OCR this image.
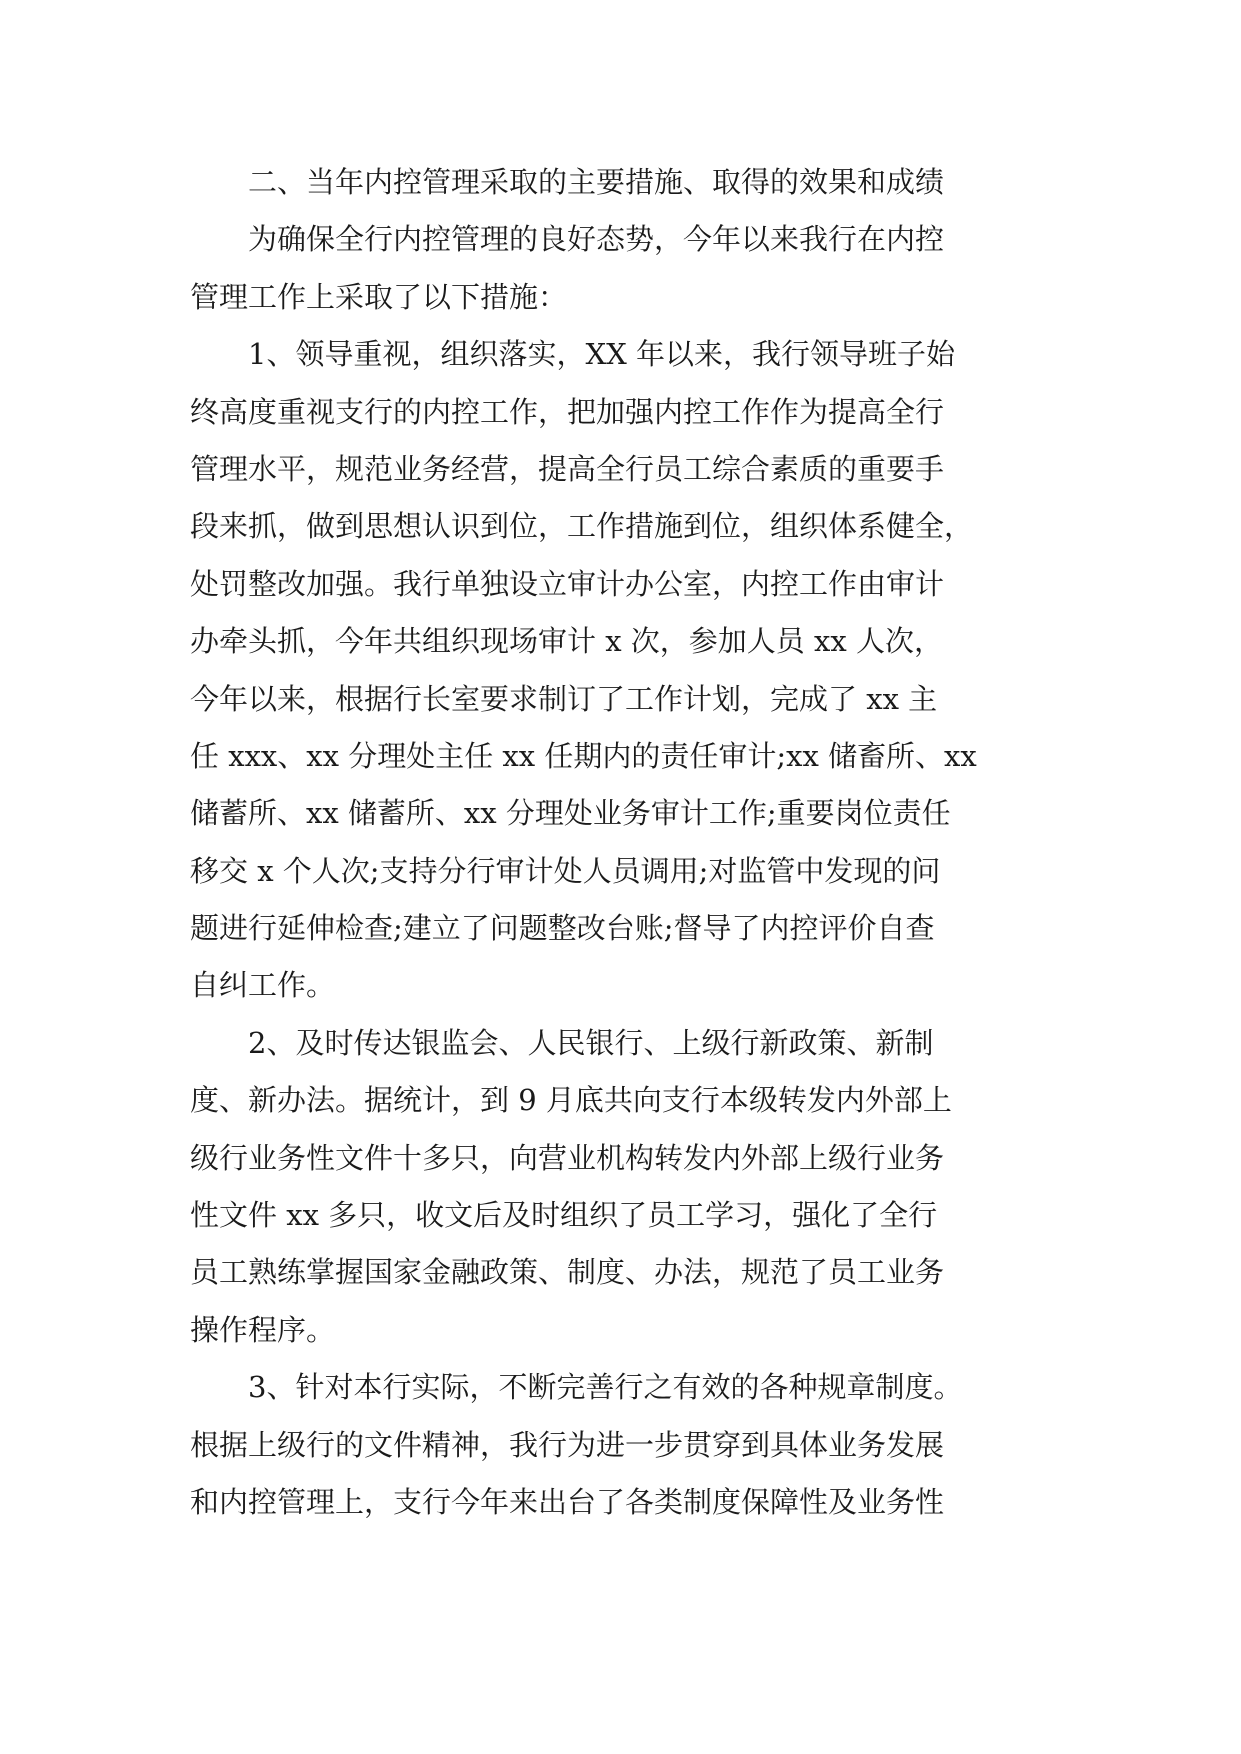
二、当年内控管理采取的主要措施、取得的效果和成绩
为确保全行内控管理的良好态势，今年以来我行在内控
管理工作上采取了以下措施：
1、领导重视，组织落实，XX 年以来，我行领导班子始
终高度重视支行的内控工作，把加强内控工作作为提高全行
管理水平，规范业务经营，提高全行员工综合素质的重要手
段来抓，做到思想认识到位，工作措施到位，组织体系健全，
处罚整改加强。我行单独设立审计办公室，内控工作由审计
办牵头抓，今年共组织现场审计 x 次，参加人员 xx 人次，
今年以来，根据行长室要求制订了工作计划，完成了 xx 主
任 xxx、xx 分理处主任 xx 任期内的责任审计;xx 储畜所、xx
储蓄所、xx 储蓄所、xx 分理处业务审计工作;重要岗位责任
移交 x 个人次;支持分行审计处人员调用;对监管中发现的问
题进行延伸检查;建立了问题整改台账;督导了内控评价自查
自纠工作。
2、及时传达银监会、人民银行、上级行新政策、新制
度、新办法。据统计，到 9 月底共向支行本级转发内外部上
级行业务性文件十多只，向营业机构转发内外部上级行业务
性文件 xx 多只，收文后及时组织了员工学习，强化了全行
员工熟练掌握国家金融政策、制度、办法，规范了员工业务
操作程序。
3、针对本行实际，不断完善行之有效的各种规章制度。
根据上级行的文件精神，我行为进一步贯穿到具体业务发展
和内控管理上，支行今年来出台了各类制度保障性及业务性
